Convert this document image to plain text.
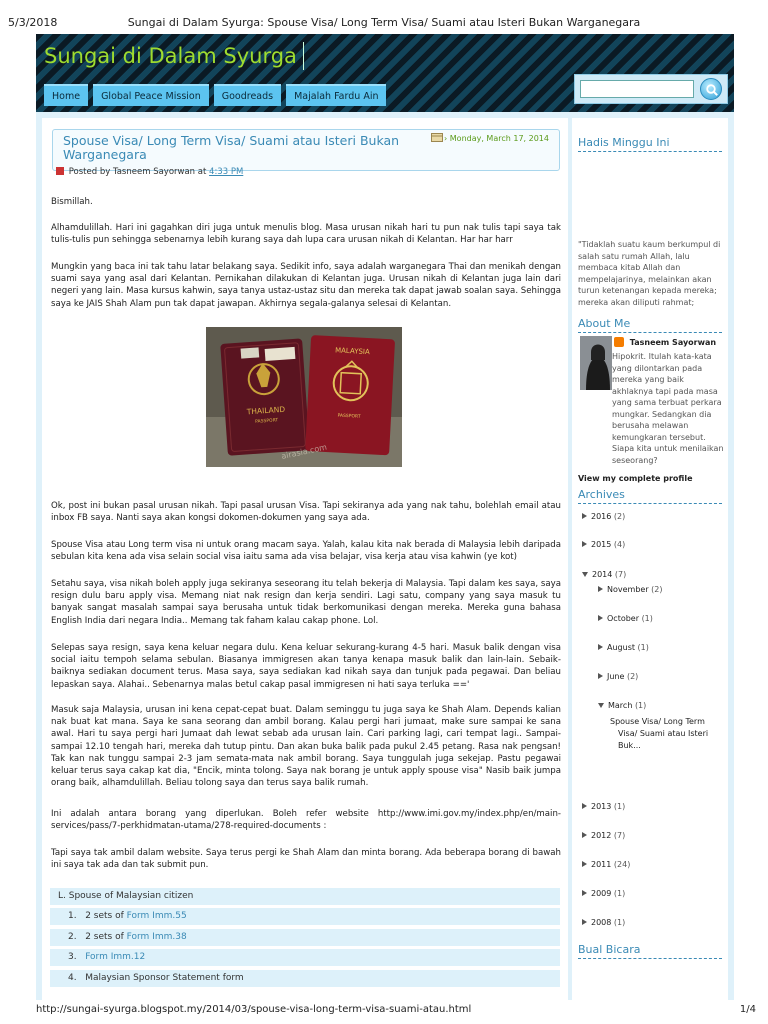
5/3/2018	Sungai di Dalam Syurga: Spouse Visa/ Long Term Visa/ Suami atau Isteri Bukan Warganegara
Sungai di Dalam Syurga
Home	Global Peace Mission	Goodreads	Majalah Fardu Ain
Spouse Visa/ Long Term Visa/ Suami atau Isteri Bukan Warganegara
› Monday, March 17, 2014
Posted by Tasneem Sayorwan at 4:33 PM

Bismillah.

Alhamdulillah. Hari ini gagahkan diri juga untuk menulis blog. Masa urusan nikah hari tu pun nak tulis tapi saya tak tulis-tulis pun sehingga sebenarnya lebih kurang saya dah lupa cara urusan nikah di Kelantan. Har har harr

Mungkin yang baca ini tak tahu latar belakang saya. Sedikit info, saya adalah warganegara Thai dan menikah dengan suami saya yang asal dari Kelantan. Pernikahan dilakukan di Kelantan juga. Urusan nikah di Kelantan juga lain dari negeri yang lain. Masa kursus kahwin, saya tanya ustaz-ustaz situ dan mereka tak dapat jawab soalan saya. Sehingga saya ke JAIS Shah Alam pun tak dapat jawapan. Akhirnya segala-galanya selesai di Kelantan.

THAILAND
PASSPORT
MALAYSIA
PASSPORT
airasia.com

Ok, post ini bukan pasal urusan nikah. Tapi pasal urusan Visa. Tapi sekiranya ada yang nak tahu, bolehlah email atau inbox FB saya. Nanti saya akan kongsi dokomen-dokumen yang saya ada.

Spouse Visa atau Long term visa ni untuk orang macam saya. Yalah, kalau kita nak berada di Malaysia lebih daripada sebulan kita kena ada visa selain social visa iaitu sama ada visa belajar, visa kerja atau visa kahwin (ye kot)

Setahu saya, visa nikah boleh apply juga sekiranya seseorang itu telah bekerja di Malaysia. Tapi dalam kes saya, saya resign dulu baru apply visa. Memang niat nak resign dan kerja sendiri. Lagi satu, company yang saya masuk tu banyak sangat masalah sampai saya berusaha untuk tidak berkomunikasi dengan mereka. Mereka guna bahasa English India dari negara India.. Memang tak faham kalau cakap phone. Lol.

Selepas saya resign, saya kena keluar negara dulu. Kena keluar sekurang-kurang 4-5 hari. Masuk balik dengan visa social iaitu tempoh selama sebulan. Biasanya immigresen akan tanya kenapa masuk balik dan lain-lain. Sebaik-baiknya sediakan document terus. Masa saya, saya sediakan kad nikah saya dan tunjuk pada pegawai. Dan beliau lepaskan saya. Alahai.. Sebenarnya malas betul cakap pasal immigresen ni hati saya terluka =='

Masuk saja Malaysia, urusan ini kena cepat-cepat buat. Dalam seminggu tu juga saya ke Shah Alam. Depends kalian nak buat kat mana. Saya ke sana seorang dan ambil borang. Kalau pergi hari jumaat, make sure sampai ke sana awal. Hari tu saya pergi hari Jumaat dah lewat sebab ada urusan lain. Cari parking lagi, cari tempat lagi.. Sampai-sampai 12.10 tengah hari, mereka dah tutup pintu. Dan akan buka balik pada pukul 2.45 petang. Rasa nak pengsan! Tak kan nak tunggu sampai 2-3 jam semata-mata nak ambil borang. Saya tunggulah juga sekejap. Pastu pegawai keluar terus saya cakap kat dia, "Encik, minta tolong. Saya nak borang je untuk apply spouse visa" Nasib baik jumpa orang baik, alhamdulillah. Beliau tolong saya dan terus saya balik rumah.

Ini adalah antara borang yang diperlukan. Boleh refer website http://www.imi.gov.my/index.php/en/main-services/pass/7-perkhidmatan-utama/278-required-documents :

Tapi saya tak ambil dalam website. Saya terus pergi ke Shah Alam dan minta borang. Ada beberapa borang di bawah ini saya tak ada dan tak submit pun.

L. Spouse of Malaysian citizen
1. 2 sets of Form Imm.55
2. 2 sets of Form Imm.38
3. Form Imm.12
4. Malaysian Sponsor Statement form
Hadis Minggu Ini
"Tidaklah suatu kaum berkumpul di salah satu rumah Allah, lalu membaca kitab Allah dan mempelajarinya, melainkan akan turun ketenangan kepada mereka; mereka akan diliputi rahmat;
About Me
Tasneem Sayorwan
Hipokrit. Itulah kata-kata yang dilontarkan pada mereka yang baik akhlaknya tapi pada masa yang sama terbuat perkara mungkar. Sedangkan dia berusaha melawan kemungkaran tersebut. Siapa kita untuk menilaikan seseorang?
View my complete profile
Archives
2016 (2)
2015 (4)
2014 (7)
November (2)
October (1)
August (1)
June (2)
March (1)
Spouse Visa/ Long Term Visa/ Suami atau Isteri Buk...
2013 (1)
2012 (7)
2011 (24)
2009 (1)
2008 (1)
Bual Bicara
http://sungai-syurga.blogspot.my/2014/03/spouse-visa-long-term-visa-suami-atau.html	1/4
